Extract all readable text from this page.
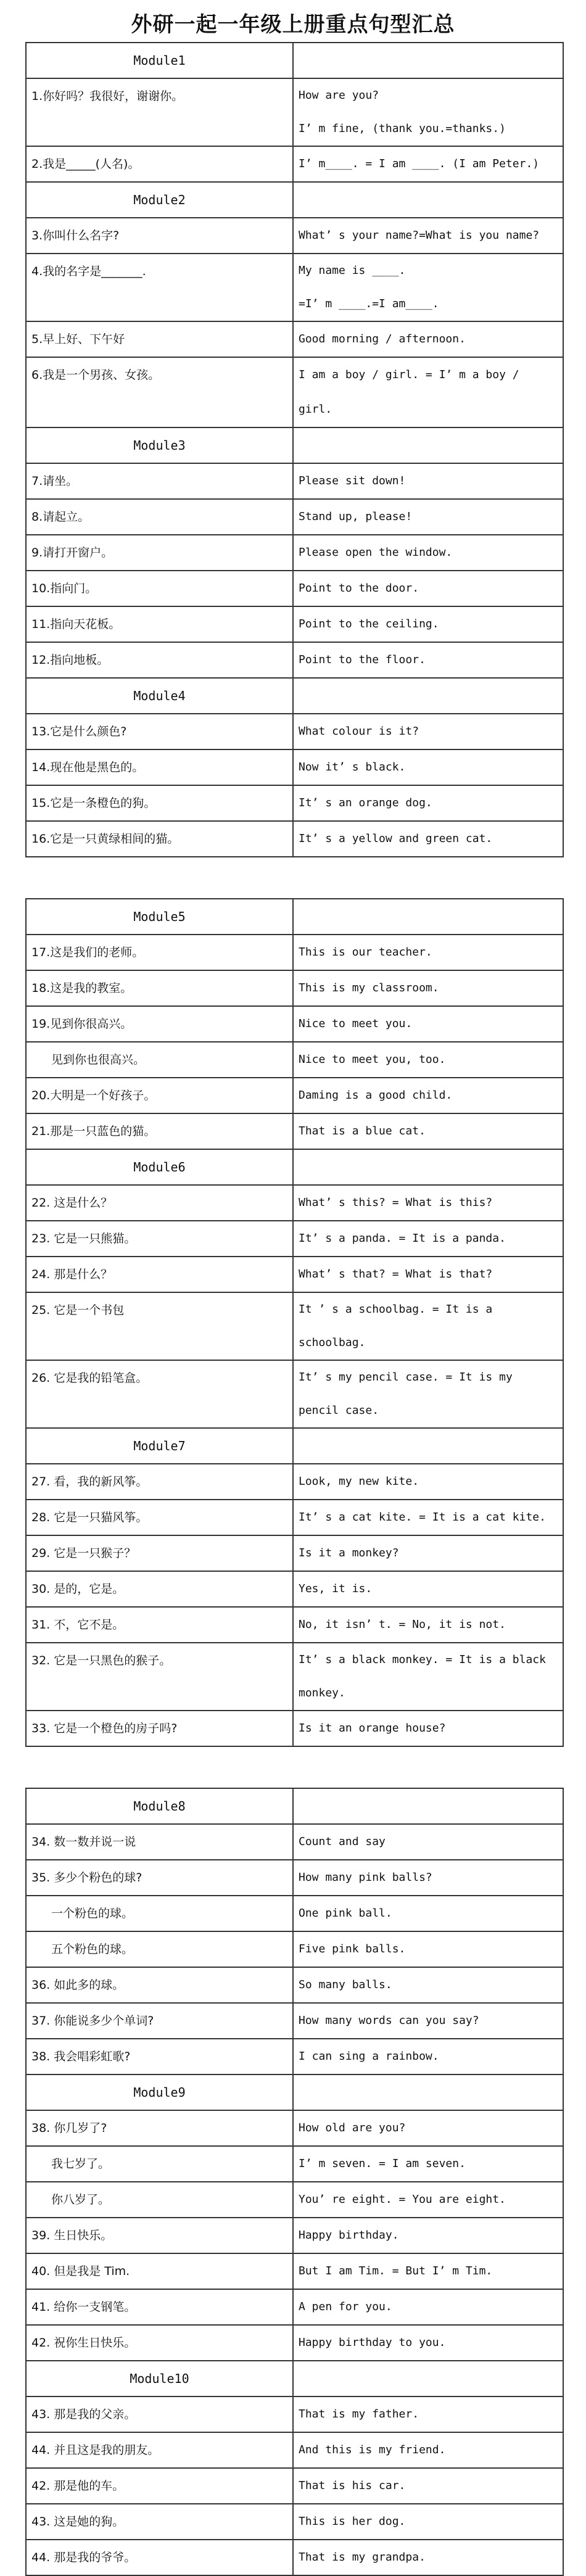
外研一起一年级上册重点句型汇总
Module1
1.你好吗？我很好，谢谢你。	How are you?
I’ m fine, (thank you.=thanks.)
2.我是_____(人名)。	I’ m____. = I am ____. (I am Peter.)
Module2
3.你叫什么名字?	What’ s your name?=What is you name?
4.我的名字是_______.	My name is ____.
=I’ m ____.=I am____.
5.早上好、下午好	Good morning / afternoon.
6.我是一个男孩、女孩。	I am a boy / girl. = I’ m a boy / girl.
Module3
7.请坐。	Please sit down!
8.请起立。	Stand up, please!
9.请打开窗户。	Please open the window.
10.指向门。	Point to the door.
11.指向天花板。	Point to the ceiling.
12.指向地板。	Point to the floor.
Module4
13.它是什么颜色?	What colour is it?
14.现在他是黑色的。	Now it’ s black.
15.它是一条橙色的狗。	It’ s an orange dog.
16.它是一只黄绿相间的猫。	It’ s a yellow and green cat.
Module5
17.这是我们的老师。	This is our teacher.
18.这是我的教室。	This is my classroom.
19.见到你很高兴。	Nice to meet you.
见到你也很高兴。	Nice to meet you, too.
20.大明是一个好孩子。	Daming is a good child.
21.那是一只蓝色的猫。	That is a blue cat.
Module6
22. 这是什么？	What’ s this? = What is this?
23. 它是一只熊猫。	It’ s a panda. = It is a panda.
24. 那是什么？	What’ s that? = What is that?
25. 它是一个书包	It ’ s a schoolbag. = It is a
schoolbag.
26. 它是我的铅笔盒。	It’ s my pencil case. = It is my
pencil case.
Module7
27. 看，我的新风筝。	Look, my new kite.
28. 它是一只猫风筝。	It’ s a cat kite. = It is a cat kite.
29. 它是一只猴子？	Is it a monkey?
30. 是的，它是。	Yes, it is.
31. 不，它不是。	No, it isn’ t. = No, it is not.
32. 它是一只黑色的猴子。	It’ s a black monkey. = It is a black
monkey.
33. 它是一个橙色的房子吗?	Is it an orange house?
Module8
34. 数一数并说一说	Count and say
35. 多少个粉色的球?	How many pink balls?
一个粉色的球。	One pink ball.
五个粉色的球。	Five pink balls.
36. 如此多的球。	So many balls.
37. 你能说多少个单词?	How many words can you say?
38. 我会唱彩虹歌?	I can sing a rainbow.
Module9
38. 你几岁了?	How old are you?
我七岁了。	I’ m seven. = I am seven.
你八岁了。	You’ re eight. = You are eight.
39. 生日快乐。	Happy birthday.
40. 但是我是 Tim.	But I am Tim. = But I’ m Tim.
41. 给你一支钢笔。	A pen for you.
42. 祝你生日快乐。	Happy birthday to you.
Module10
43. 那是我的父亲。	That is my father.
44. 并且这是我的朋友。	And this is my friend.
42. 那是他的车。	That is his car.
43. 这是她的狗。	This is her dog.
44. 那是我的爷爷。	That is my grandpa.
